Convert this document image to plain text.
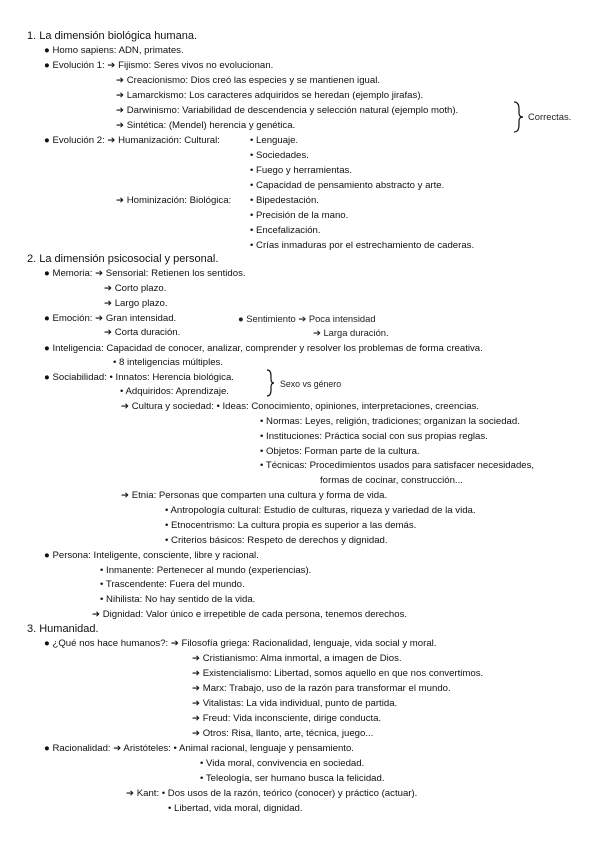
1. La dimensión biológica humana.
● Homo sapiens: ADN, primates.
● Evolución 1: ➔ Fijismo: Seres vivos no evolucionan.
➔ Creacionismo: Dios creó las especies y se mantienen igual.
➔ Lamarckismo: Los caracteres adquiridos se heredan (ejemplo jirafas).
➔ Darwinismo: Variabilidad de descendencia y selección natural (ejemplo moth).
➔ Sintética: (Mendel) herencia y genética.
Correctas.
● Evolución 2: ➔ Humanización: Cultural:	• Lenguaje.
• Sociedades.
• Fuego y herramientas.
• Capacidad de pensamiento abstracto y arte.
➔ Hominización: Biológica: • Bipedestación.
• Precisión de la mano.
• Encefalización.
• Crías inmaduras por el estrechamiento de caderas.
2. La dimensión psicosocial y personal.
● Memoria: ➔ Sensorial: Retienen los sentidos.
➔ Corto plazo.
➔ Largo plazo.
● Emoción: ➔ Gran intensidad.
➔ Corta duración.
● Sentimiento ➔ Poca intensidad
➔ Larga duración.
● Inteligencia: Capacidad de conocer, analizar, comprender y resolver los problemas de forma creativa.
• 8 inteligencias múltiples.
● Sociabilidad: • Innatos: Herencia biológica.
• Adquiridos: Aprendizaje.
Sexo vs género
➔ Cultura y sociedad: • Ideas: Conocimiento, opiniones, interpretaciones, creencias.
• Normas: Leyes, religión, tradiciones; organizan la sociedad.
• Instituciones: Práctica social con sus propias reglas.
• Objetos: Forman parte de la cultura.
• Técnicas: Procedimientos usados para satisfacer necesidades,
formas de cocinar, construcción...
➔ Etnia: Personas que comparten una cultura y forma de vida.
• Antropología cultural: Estudio de culturas, riqueza y variedad de la vida.
• Etnocentrismo: La cultura propia es superior a las demás.
• Criterios básicos: Respeto de derechos y dignidad.
● Persona: Inteligente, consciente, libre y racional.
• Inmanente: Pertenecer al mundo (experiencias).
• Trascendente: Fuera del mundo.
• Nihilista: No hay sentido de la vida.
➔ Dignidad: Valor único e irrepetible de cada persona, tenemos derechos.
3. Humanidad.
● ¿Qué nos hace humanos?: ➔ Filosofía griega: Racionalidad, lenguaje, vida social y moral.
➔ Cristianismo: Alma inmortal, a imagen de Dios.
➔ Existencialismo: Libertad, somos aquello en que nos convertimos.
➔ Marx: Trabajo, uso de la razón para transformar el mundo.
➔ Vitalistas: La vida individual, punto de partida.
➔ Freud: Vida inconsciente, dirige conducta.
➔ Otros: Risa, llanto, arte, técnica, juego...
● Racionalidad: ➔ Aristóteles: • Animal racional, lenguaje y pensamiento.
• Vida moral, convivencia en sociedad.
• Teleología, ser humano busca la felicidad.
➔ Kant: • Dos usos de la razón, teórico (conocer) y práctico (actuar).
• Libertad, vida moral, dignidad.
